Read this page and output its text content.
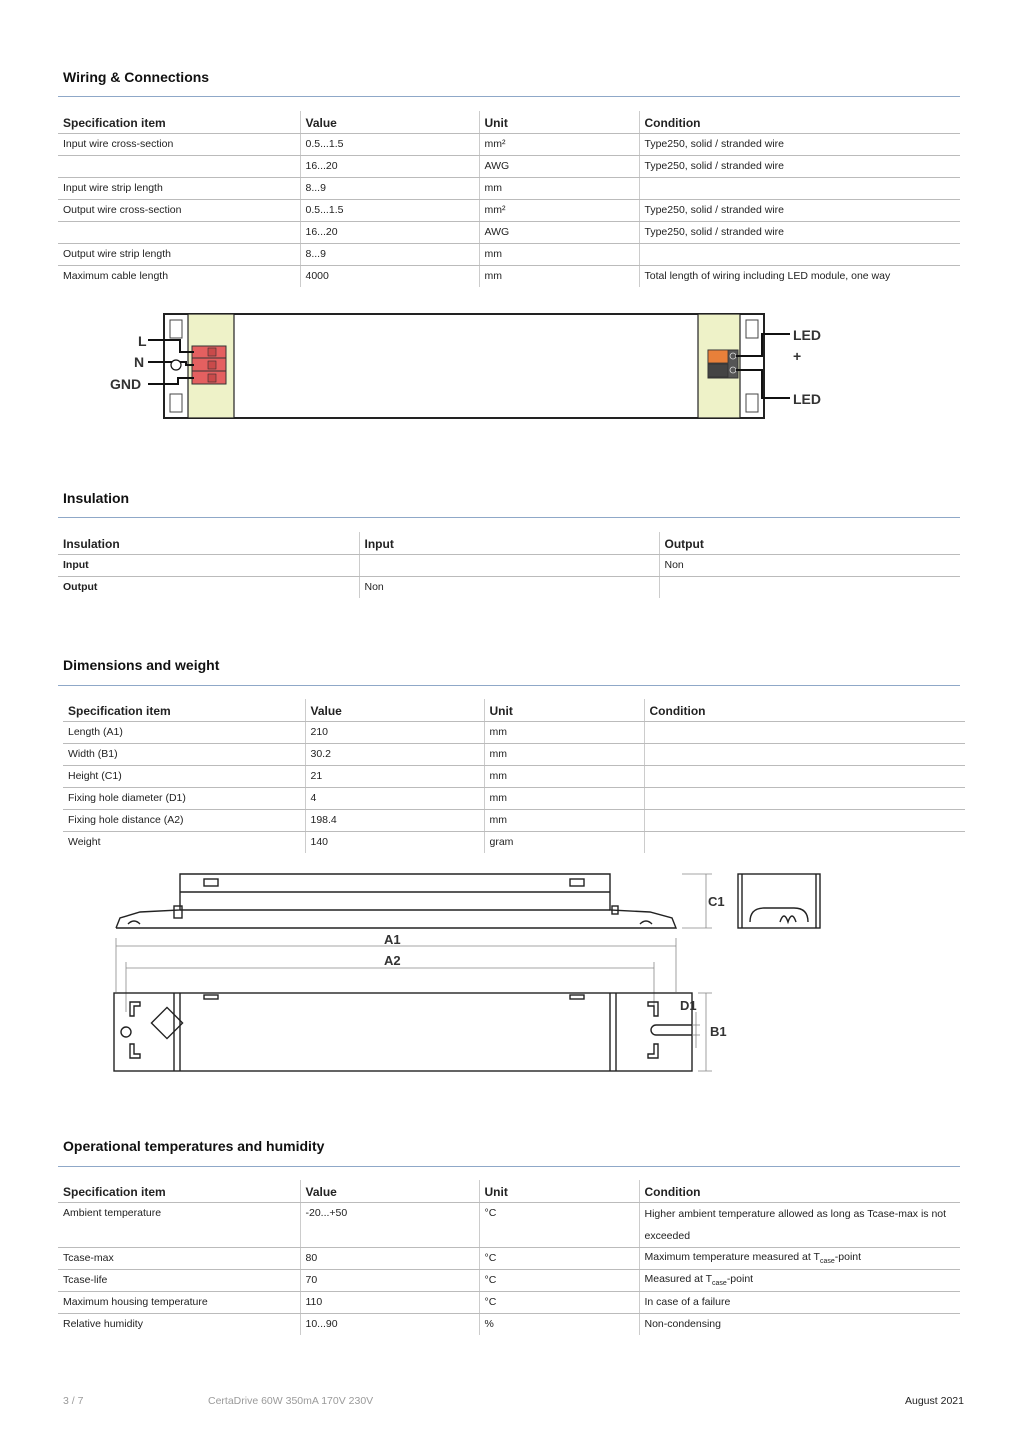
Wiring & Connections
Specification item	Value	Unit	Condition
Input wire cross-section	0.5...1.5	mm²	Type250, solid / stranded wire
	16...20	AWG	Type250, solid / stranded wire
Input wire strip length	8...9	mm	
Output wire cross-section	0.5...1.5	mm²	Type250, solid / stranded wire
	16...20	AWG	Type250, solid / stranded wire
Output wire strip length	8...9	mm	
Maximum cable length	4000	mm	Total length of wiring including LED module, one way
L
N
GND
LED
+
LED
Insulation
Insulation	Input	Output
Input		Non
Output	Non	
Dimensions and weight
Specification item	Value	Unit	Condition
Length (A1)	210	mm	
Width (B1)	30.2	mm	
Height (C1)	21	mm	
Fixing hole diameter (D1)	4	mm	
Fixing hole distance (A2)	198.4	mm	
Weight	140	gram	
C1
A1
A2
D1
B1
Operational temperatures and humidity
Specification item	Value	Unit	Condition
Ambient temperature	-20...+50	°C	Higher ambient temperature allowed as long as Tcase-max is not exceeded
Tcase-max	80	°C	Maximum temperature measured at $T_{case}$-point
Tcase-life	70	°C	Measured at $T_{case}$-point
Maximum housing temperature	110	°C	In case of a failure
Relative humidity	10...90	%	Non-condensing
3 / 7	CertaDrive 60W 350mA 170V 230V	August 2021
